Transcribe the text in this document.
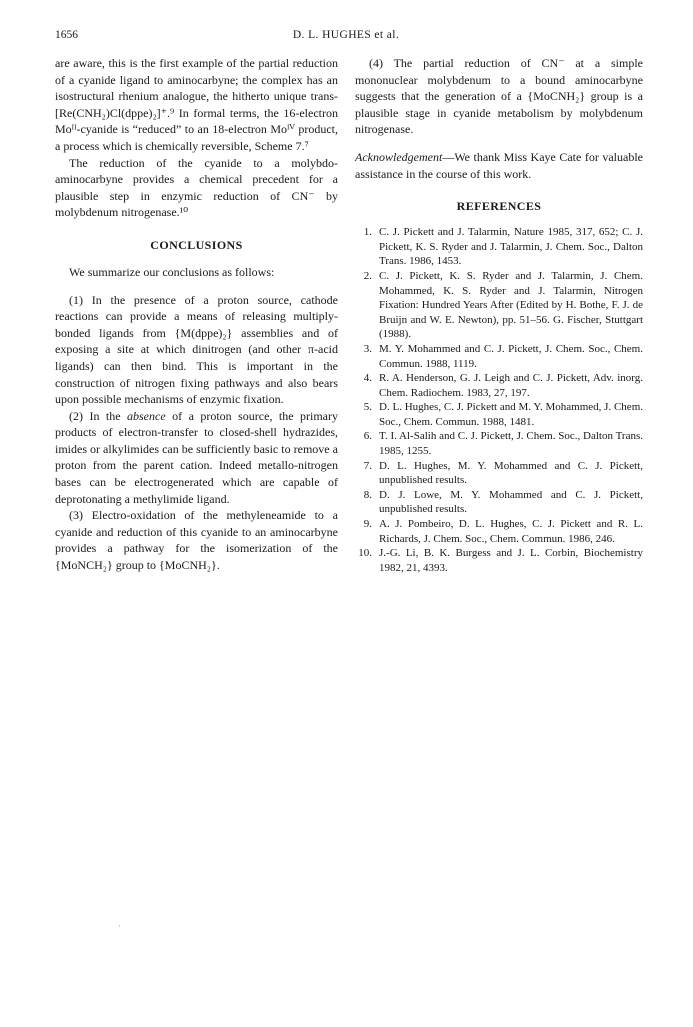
1656	D. L. HUGHES et al.

are aware, this is the first example of the partial reduction of a cyanide ligand to aminocarbyne; the complex has an isostructural rhenium analogue, the hitherto unique trans-[Re(CNH₂)Cl(dppe)₂]⁺.⁹ In formal terms, the 16-electron Moᴵᴵ-cyanide is “reduced” to an 18-electron Moᴵⱽ product, a process which is chemically reversible, Scheme 7.⁷

The reduction of the cyanide to a molybdo-aminocarbyne provides a chemical precedent for a plausible step in enzymic reduction of CN⁻ by molybdenum nitrogenase.¹⁰

CONCLUSIONS

We summarize our conclusions as follows:

(1) In the presence of a proton source, cathode reactions can provide a means of releasing multiply-bonded ligands from {M(dppe)₂} assemblies and of exposing a site at which dinitrogen (and other π-acid ligands) can then bind. This is important in the construction of nitrogen fixing pathways and also bears upon possible mechanisms of enzymic fixation.

(2) In the absence of a proton source, the primary products of electron-transfer to closed-shell hydrazides, imides or alkylimides can be sufficiently basic to remove a proton from the parent cation. Indeed metallo-nitrogen bases can be electrogenerated which are capable of deprotonating a methylimide ligand.

(3) Electro-oxidation of the methyleneamide to a cyanide and reduction of this cyanide to an aminocarbyne provides a pathway for the isomerization of the {MoNCH₂} group to {MoCNH₂}.

(4) The partial reduction of CN⁻ at a simple mononuclear molybdenum to a bound aminocarbyne suggests that the generation of a {MoCNH₂} group is a plausible stage in cyanide metabolism by molybdenum nitrogenase.

Acknowledgement—We thank Miss Kaye Cate for valuable assistance in the course of this work.

REFERENCES
1. C. J. Pickett and J. Talarmin, Nature 1985, 317, 652; C. J. Pickett, K. S. Ryder and J. Talarmin, J. Chem. Soc., Dalton Trans. 1986, 1453.
2. C. J. Pickett, K. S. Ryder and J. Talarmin, J. Chem. Mohammed, K. S. Ryder and J. Talarmin, Nitrogen Fixation: Hundred Years After (Edited by H. Bothe, F. J. de Bruijn and W. E. Newton), pp. 51–56. G. Fischer, Stuttgart (1988).
3. M. Y. Mohammed and C. J. Pickett, J. Chem. Soc., Chem. Commun. 1988, 1119.
4. R. A. Henderson, G. J. Leigh and C. J. Pickett, Adv. inorg. Chem. Radiochem. 1983, 27, 197.
5. D. L. Hughes, C. J. Pickett and M. Y. Mohammed, J. Chem. Soc., Chem. Commun. 1988, 1481.
6. T. I. Al-Salih and C. J. Pickett, J. Chem. Soc., Dalton Trans. 1985, 1255.
7. D. L. Hughes, M. Y. Mohammed and C. J. Pickett, unpublished results.
8. D. J. Lowe, M. Y. Mohammed and C. J. Pickett, unpublished results.
9. A. J. Pombeiro, D. L. Hughes, C. J. Pickett and R. L. Richards, J. Chem. Soc., Chem. Commun. 1986, 246.
10. J.-G. Li, B. K. Burgess and J. L. Corbin, Biochemistry 1982, 21, 4393.
·
